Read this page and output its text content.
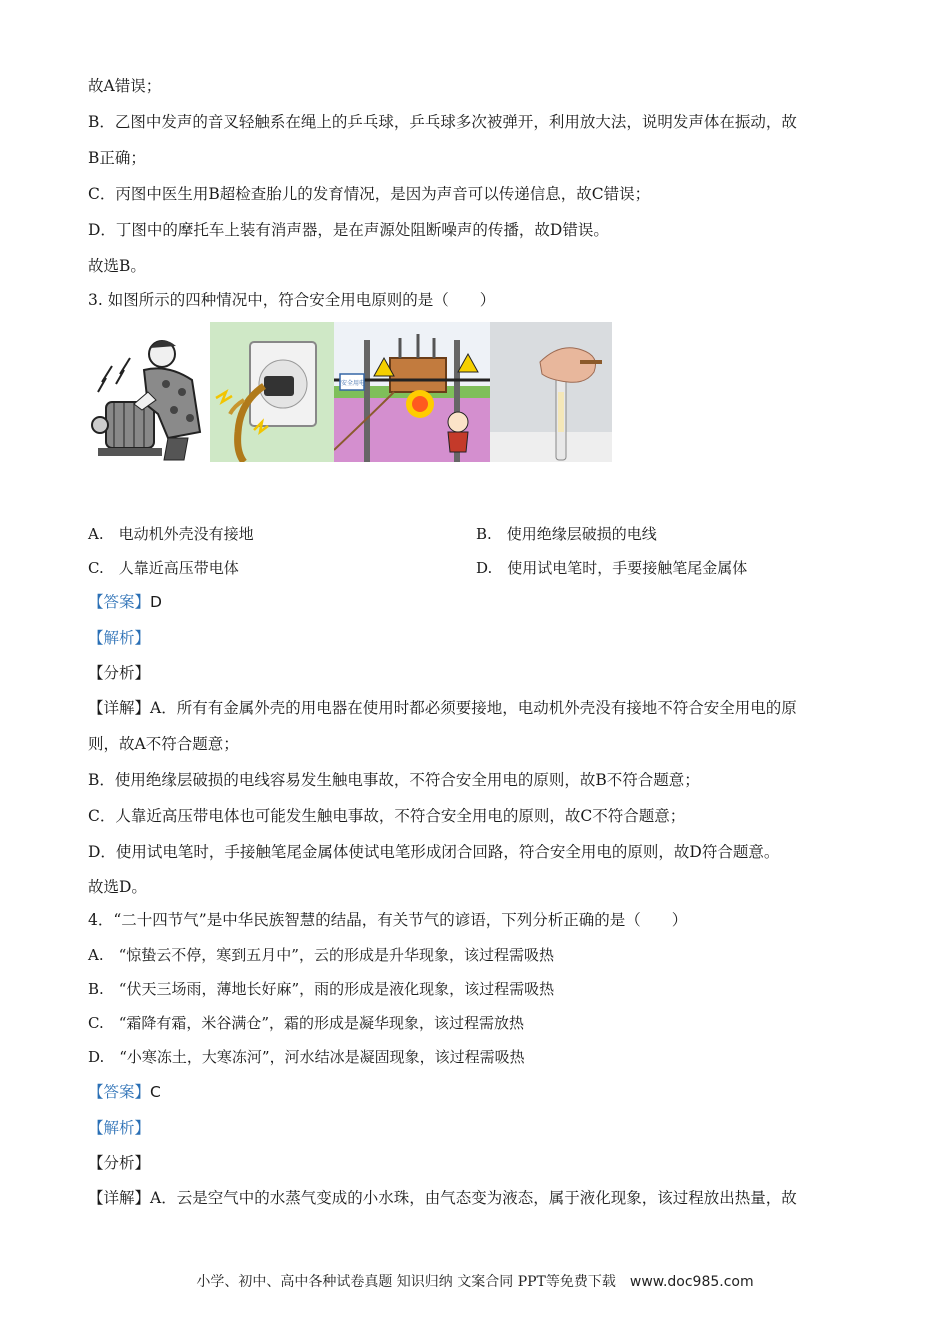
故A错误；
B．乙图中发声的音叉轻触系在绳上的乒乓球，乒乓球多次被弹开，利用放大法，说明发声体在振动，故
B正确；
C．丙图中医生用B超检查胎儿的发育情况，是因为声音可以传递信息，故C错误；
D．丁图中的摩托车上装有消声器，是在声源处阻断噪声的传播，故D错误。
故选B。
3. 如图所示的四种情况中，符合安全用电原则的是（　　）
安全用电
A.　电动机外壳没有接地	B.　使用绝缘层破损的电线
C.　人靠近高压带电体	D.　使用试电笔时，手要接触笔尾金属体
【答案】D
【解析】
【分析】
【详解】A．所有有金属外壳的用电器在使用时都必须要接地，电动机外壳没有接地不符合安全用电的原
则，故A不符合题意；
B．使用绝缘层破损的电线容易发生触电事故，不符合安全用电的原则，故B不符合题意；
C．人靠近高压带电体也可能发生触电事故，不符合安全用电的原则，故C不符合题意；
D．使用试电笔时，手接触笔尾金属体使试电笔形成闭合回路，符合安全用电的原则，故D符合题意。
故选D。
4．“二十四节气”是中华民族智慧的结晶，有关节气的谚语，下列分析正确的是（　　）
A.　“惊蛰云不停，寒到五月中”，云的形成是升华现象，该过程需吸热
B.　“伏天三场雨，薄地长好麻”，雨的形成是液化现象，该过程需吸热
C.　“霜降有霜，米谷满仓”，霜的形成是凝华现象，该过程需放热
D.　“小寒冻土，大寒冻河”，河水结冰是凝固现象，该过程需吸热
【答案】C
【解析】
【分析】
【详解】A．云是空气中的水蒸气变成的小水珠，由气态变为液态，属于液化现象，该过程放出热量，故
小学、初中、高中各种试卷真题 知识归纳 文案合同 PPT等免费下载 www.doc985.com
